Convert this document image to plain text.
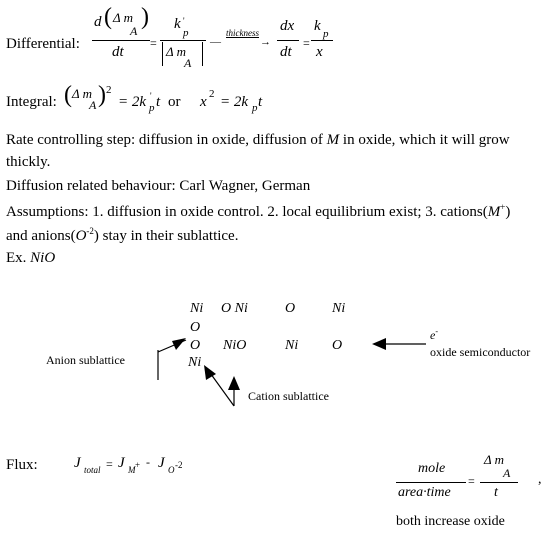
Differential:
d ( Δ m
A
)
dt
=
k '
p
Δ m
A
—
thickness
→
dx
dt
=
k p
x
Integral: ( Δ m
A ) 2
= 2k '
p t or x 2 = 2k p t
Rate controlling step: diffusion in oxide, diffusion of M in oxide, which it will grow
thickly.
Diffusion related behaviour: Carl Wagner, German
Assumptions: 1. diffusion in oxide control. 2. local equilibrium exist; 3. cations(M+)
and $anions(O^{-2})$ stay in their sublattice.
Ex. NiO
Ni O Ni	O	Ni
O
O NiO	Ni O
Ni
e-
oxide semiconductor
Anion sublattice
Cation sublattice
Flux: J total = J M + - J O -2	mole
area·time
=
Δ m
A
t
,
both increase oxide
